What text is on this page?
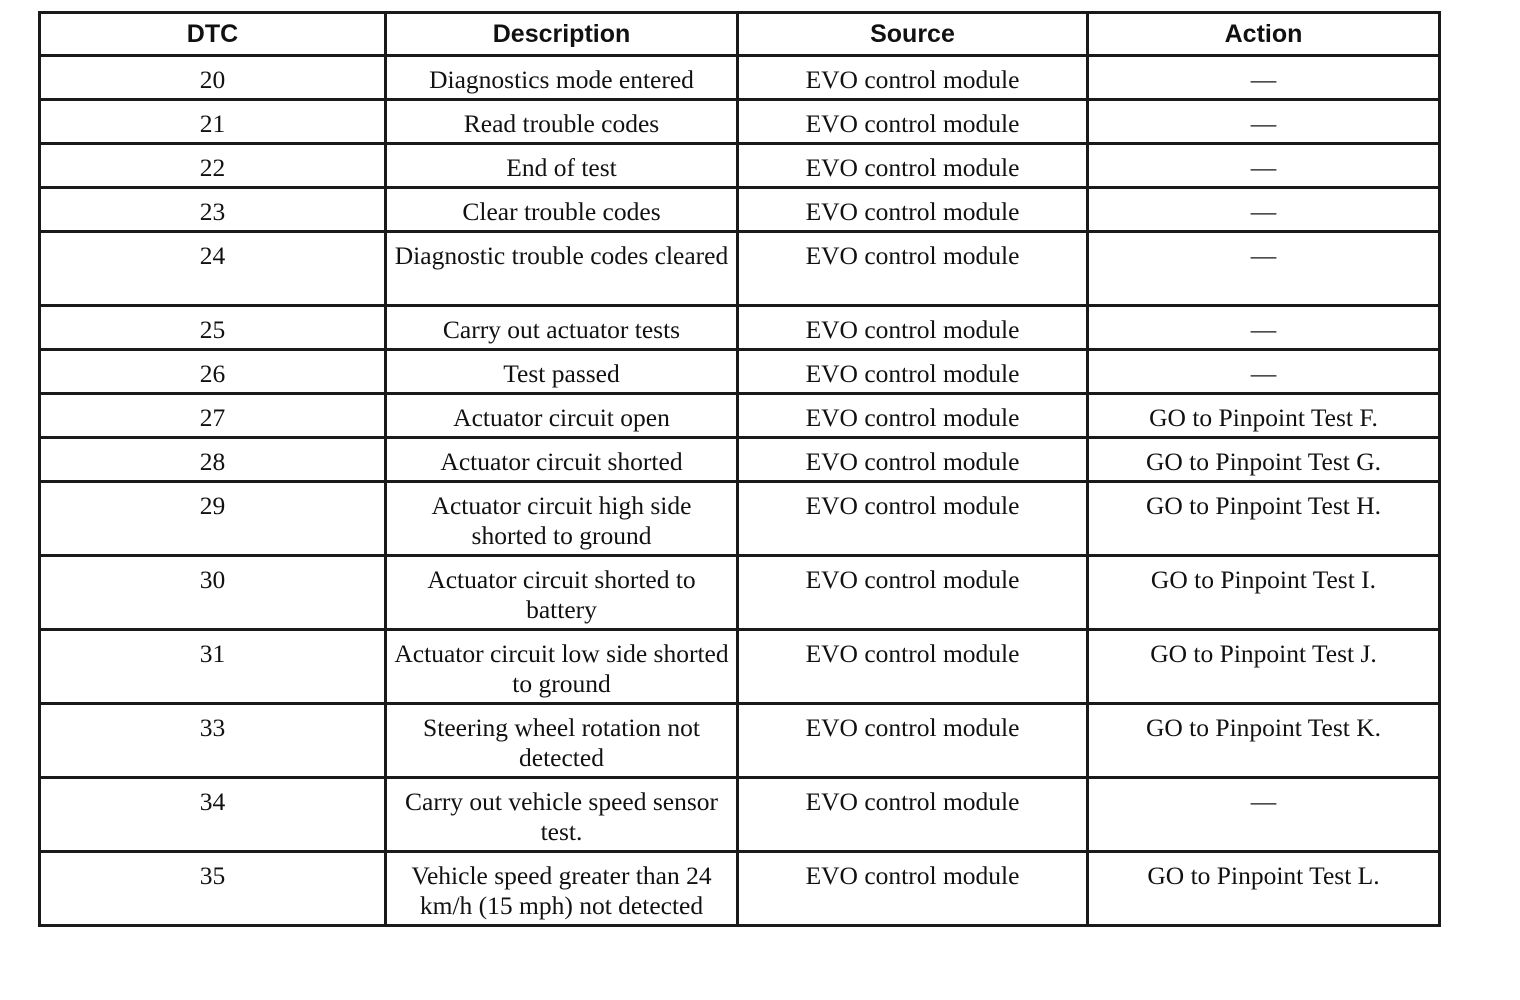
DTC	Description	Source	Action
20	Diagnostics mode entered	EVO control module	—
21	Read trouble codes	EVO control module	—
22	End of test	EVO control module	—
23	Clear trouble codes	EVO control module	—
24	Diagnostic trouble codes cleared	EVO control module	—
25	Carry out actuator tests	EVO control module	—
26	Test passed	EVO control module	—
27	Actuator circuit open	EVO control module	GO to Pinpoint Test F.
28	Actuator circuit shorted	EVO control module	GO to Pinpoint Test G.
29	Actuator circuit high side shorted to ground	EVO control module	GO to Pinpoint Test H.
30	Actuator circuit shorted to battery	EVO control module	GO to Pinpoint Test I.
31	Actuator circuit low side shorted to ground	EVO control module	GO to Pinpoint Test J.
33	Steering wheel rotation not detected	EVO control module	GO to Pinpoint Test K.
34	Carry out vehicle speed sensor test.	EVO control module	—
35	Vehicle speed greater than 24 km/h (15 mph) not detected	EVO control module	GO to Pinpoint Test L.
